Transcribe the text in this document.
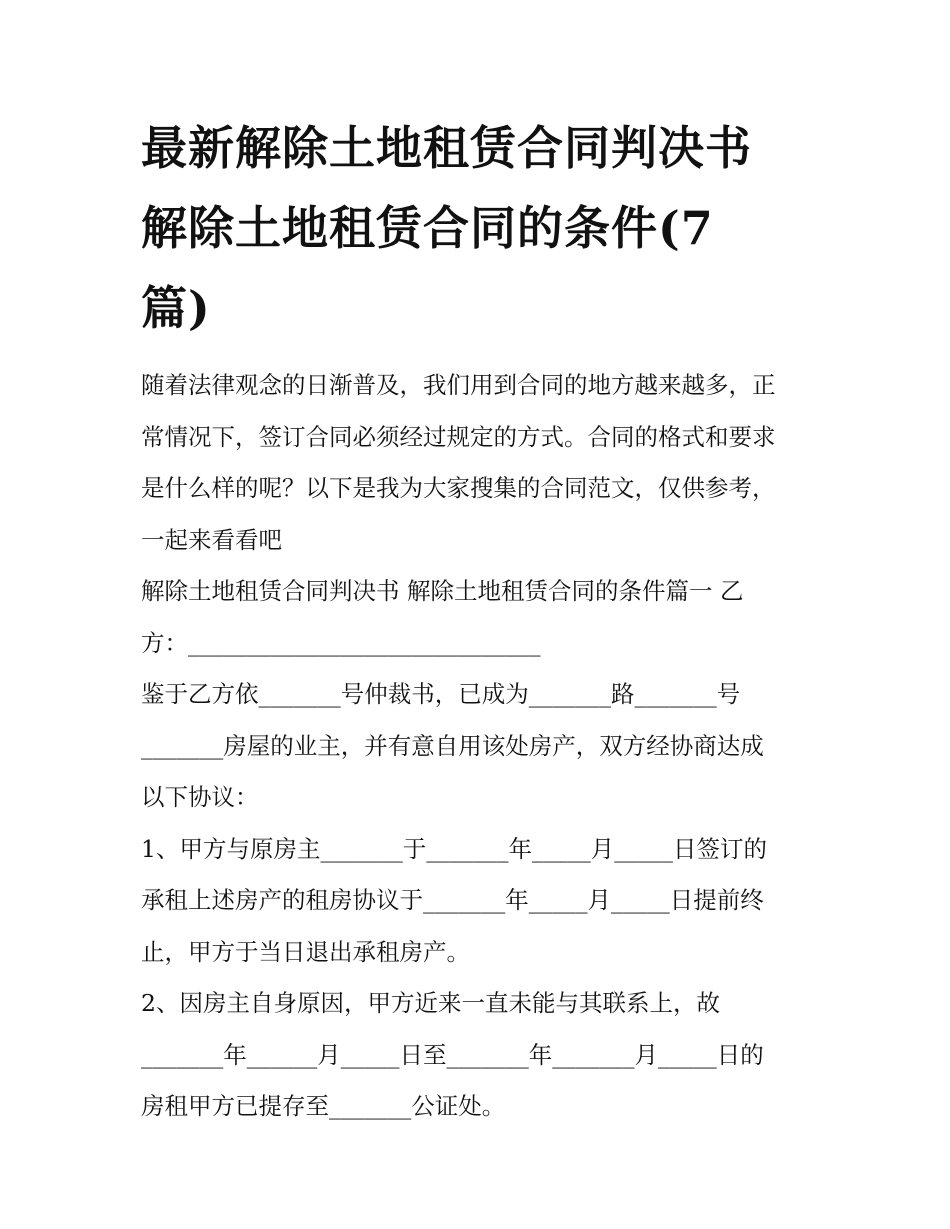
最新解除土地租赁合同判决书
解除土地租赁合同的条件(7
篇)

随着法律观念的日渐普及，我们用到合同的地方越来越多，正
常情况下，签订合同必须经过规定的方式。合同的格式和要求
是什么样的呢？以下是我为大家搜集的合同范文，仅供参考，
一起来看看吧

解除土地租赁合同判决书 解除土地租赁合同的条件篇一 乙
方：______________________________

鉴于乙方依_______号仲裁书，已成为_______路_______号
_______房屋的业主，并有意自用该处房产，双方经协商达成
以下协议：

1、甲方与原房主_______于_______年_____月_____日签订的
承租上述房产的租房协议于_______年_____月_____日提前终
止，甲方于当日退出承租房产。

2、因房主自身原因，甲方近来一直未能与其联系上，故
_______年______月_____日至_______年_______月_____日的
房租甲方已提存至_______公证处。
